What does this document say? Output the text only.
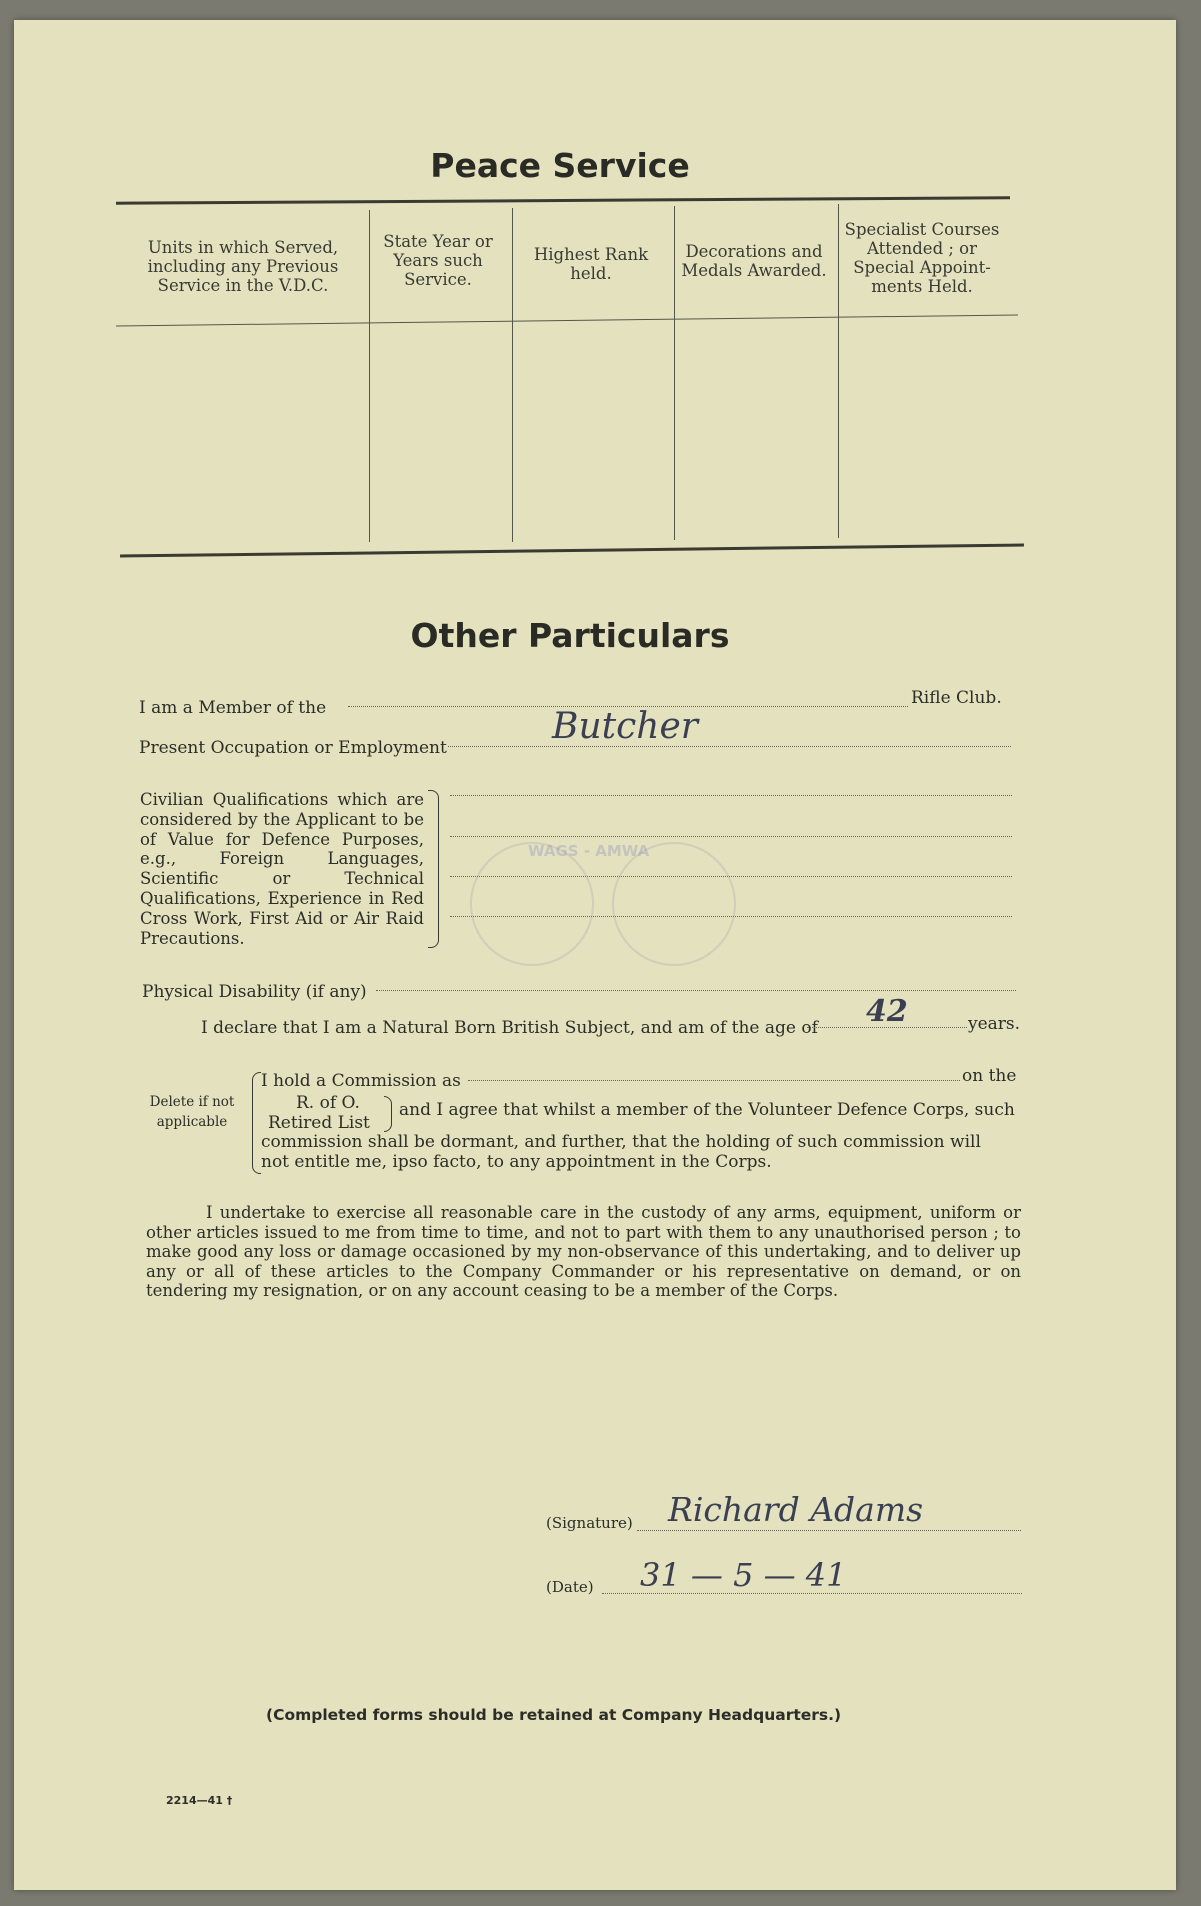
Peace Service
Units in which Served, including any Previous Service in the V.D.C.
State Year or Years such Service.
Highest Rank held.
Decorations and Medals Awarded.
Specialist Courses Attended ; or Special Appoint-ments Held.
Other Particulars
I am a Member of the	Rifle Club.
Present Occupation or Employment
Butcher
Civilian Qualifications which are considered by the Applicant to be of Value for Defence Purposes, e.g., Foreign Languages, Scientific or Technical Qualifications, Experience in Red Cross Work, First Aid or Air Raid Precautions.
WAGS - AMWA
Physical Disability (if any)
I declare that I am a Natural Born British Subject, and am of the age of 42	years.
Delete if not applicable
I hold a Commission as	on the
R. of O.
Retired List
and I agree that whilst a member of the Volunteer Defence Corps, such
commission shall be dormant, and further, that the holding of such commission will
not entitle me, ipso facto, to any appointment in the Corps.
I undertake to exercise all reasonable care in the custody of any arms, equipment, uniform or other articles issued to me from time to time, and not to part with them to any unauthorised person ; to make good any loss or damage occasioned by my non-observance of this undertaking, and to deliver up any or all of these articles to the Company Commander or his representative on demand, or on tendering my resignation, or on any account ceasing to be a member of the Corps.
(Signature) Richard Adams
(Date) 31 — 5 — 41
(Completed forms should be retained at Company Headquarters.)
2214—41 †
